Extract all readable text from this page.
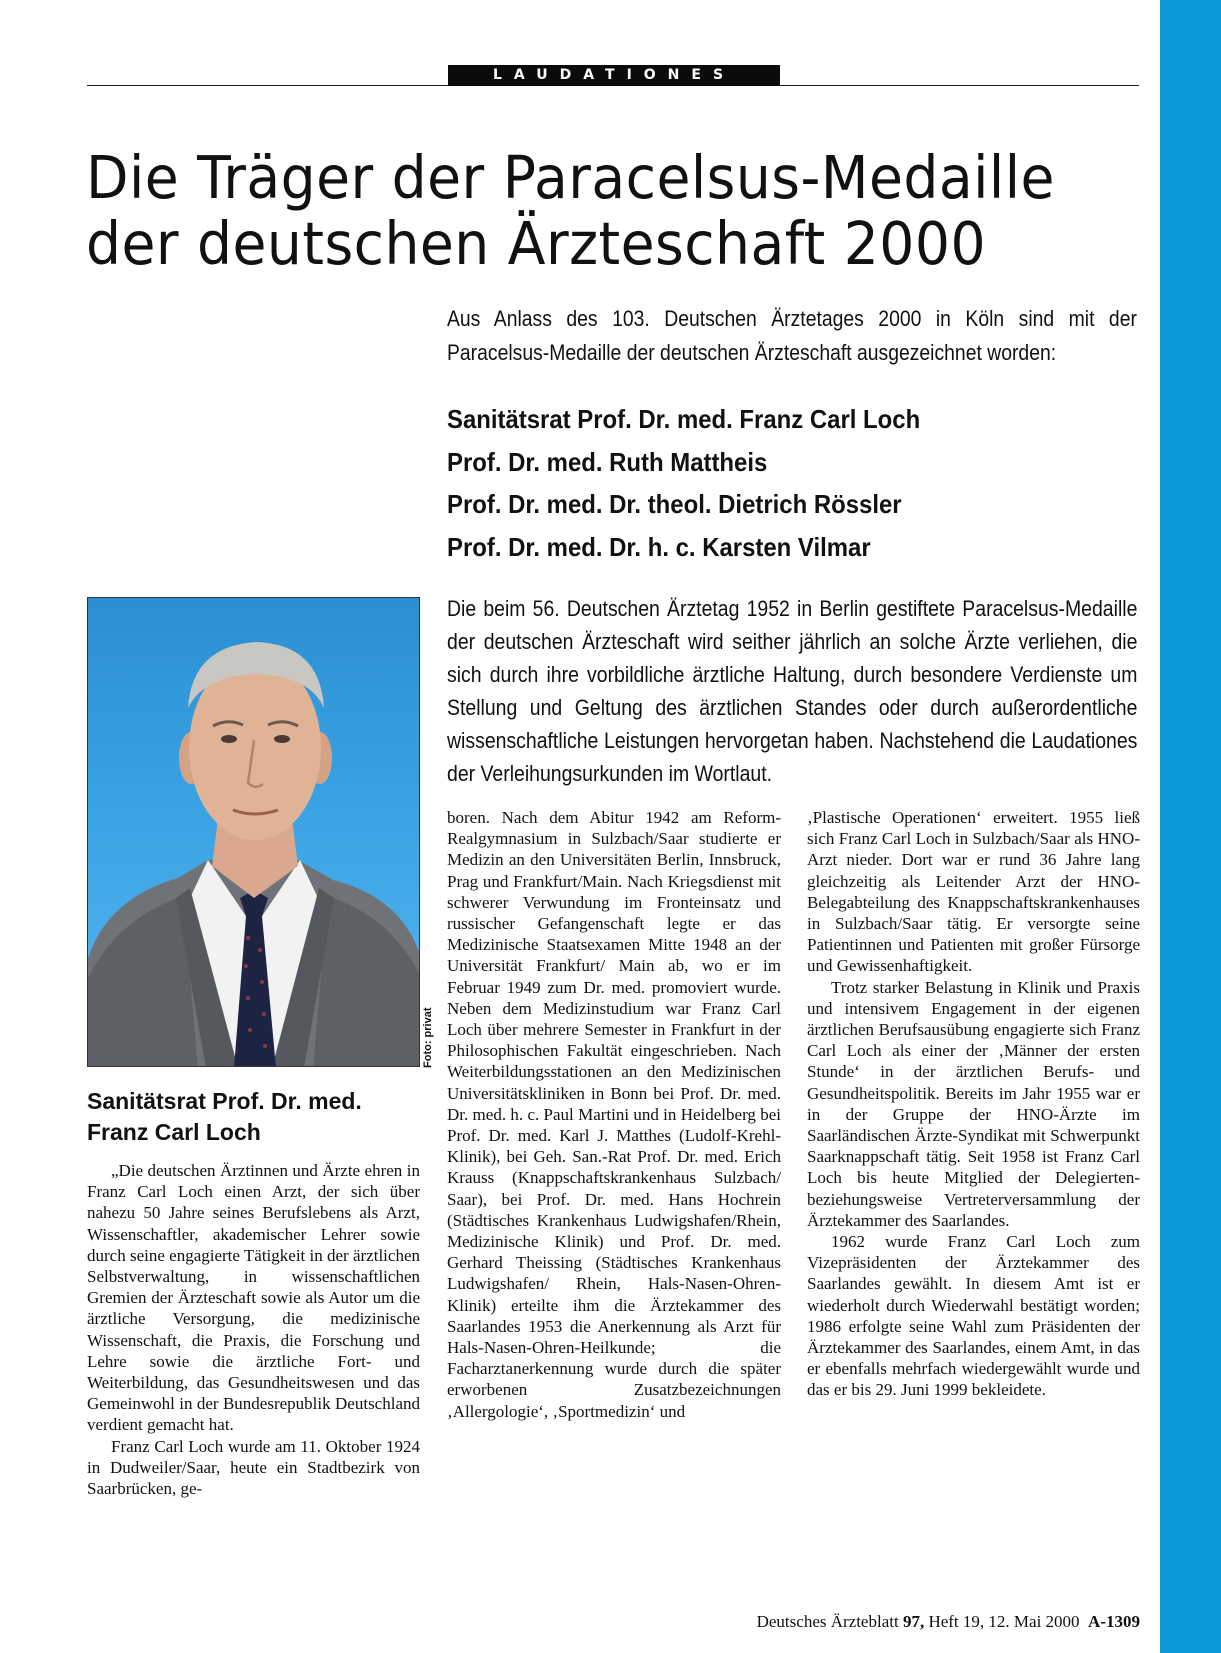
LAUDATIONES
Die Träger der Paracelsus-Medaille
der deutschen Ärzteschaft 2000
Aus Anlass des 103. Deutschen Ärztetages 2000 in Köln sind mit der Paracelsus-Medaille der deutschen Ärzteschaft ausgezeichnet worden:
Sanitätsrat Prof. Dr. med. Franz Carl Loch
Prof. Dr. med. Ruth Mattheis
Prof. Dr. med. Dr. theol. Dietrich Rössler
Prof. Dr. med. Dr. h. c. Karsten Vilmar
Die beim 56. Deutschen Ärztetag 1952 in Berlin gestiftete Paracelsus-Medaille der deutschen Ärzteschaft wird seither jährlich an solche Ärzte verliehen, die sich durch ihre vorbildliche ärztliche Haltung, durch besondere Verdienste um Stellung und Geltung des ärztlichen Standes oder durch außerordentliche wissenschaftliche Leistungen hervorgetan haben. Nachstehend die Laudationes der Verleihungsurkunden im Wortlaut.
Foto: privat
Sanitätsrat Prof. Dr. med.
Franz Carl Loch

„Die deutschen Ärztinnen und Ärzte ehren in Franz Carl Loch einen Arzt, der sich über nahezu 50 Jahre seines Berufslebens als Arzt, Wissenschaftler, akademischer Lehrer sowie durch seine engagierte Tätigkeit in der ärztlichen Selbstverwaltung, in wissenschaftlichen Gremien der Ärzteschaft sowie als Autor um die ärztliche Versorgung, die medizinische Wissenschaft, die Praxis, die Forschung und Lehre sowie die ärztliche Fort- und Weiterbildung, das Gesundheitswesen und das Gemeinwohl in der Bundesrepublik Deutschland verdient gemacht hat.

Franz Carl Loch wurde am 11. Oktober 1924 in Dudweiler/Saar, heute ein Stadtbezirk von Saarbrücken, ge-

boren. Nach dem Abitur 1942 am Reform-Realgymnasium in Sulzbach/Saar studierte er Medizin an den Universitäten Berlin, Innsbruck, Prag und Frankfurt/Main. Nach Kriegsdienst mit schwerer Verwundung im Fronteinsatz und russischer Gefangenschaft legte er das Medizinische Staatsexamen Mitte 1948 an der Universität Frankfurt/ Main ab, wo er im Februar 1949 zum Dr. med. promoviert wurde. Neben dem Medizinstudium war Franz Carl Loch über mehrere Semester in Frankfurt in der Philosophischen Fakultät eingeschrieben. Nach Weiterbildungsstationen an den Medizinischen Universitätskliniken in Bonn bei Prof. Dr. med. Dr. med. h. c. Paul Martini und in Heidelberg bei Prof. Dr. med. Karl J. Matthes (Ludolf-Krehl-Klinik), bei Geh. San.-Rat Prof. Dr. med. Erich Krauss (Knappschaftskrankenhaus Sulzbach/ Saar), bei Prof. Dr. med. Hans Hochrein (Städtisches Krankenhaus Ludwigshafen/Rhein, Medizinische Klinik) und Prof. Dr. med. Gerhard Theissing (Städtisches Krankenhaus Ludwigshafen/ Rhein, Hals-Nasen-Ohren-Klinik) erteilte ihm die Ärztekammer des Saarlandes 1953 die Anerkennung als Arzt für Hals-Nasen-Ohren-Heilkunde; die Facharztanerkennung wurde durch die später erworbenen Zusatzbezeichnungen ‚Allergologie‘, ‚Sportmedizin‘ und

‚Plastische Operationen‘ erweitert. 1955 ließ sich Franz Carl Loch in Sulzbach/Saar als HNO-Arzt nieder. Dort war er rund 36 Jahre lang gleichzeitig als Leitender Arzt der HNO-Belegabteilung des Knappschaftskrankenhauses in Sulzbach/Saar tätig. Er versorgte seine Patientinnen und Patienten mit großer Fürsorge und Gewissenhaftigkeit.

Trotz starker Belastung in Klinik und Praxis und intensivem Engagement in der eigenen ärztlichen Berufsausübung engagierte sich Franz Carl Loch als einer der ‚Männer der ersten Stunde‘ in der ärztlichen Berufs- und Gesundheitspolitik. Bereits im Jahr 1955 war er in der Gruppe der HNO-Ärzte im Saarländischen Ärzte-Syndikat mit Schwerpunkt Saarknappschaft tätig. Seit 1958 ist Franz Carl Loch bis heute Mitglied der Delegierten- beziehungsweise Vertreterversammlung der Ärztekammer des Saarlandes.

1962 wurde Franz Carl Loch zum Vizepräsidenten der Ärztekammer des Saarlandes gewählt. In diesem Amt ist er wiederholt durch Wiederwahl bestätigt worden; 1986 erfolgte seine Wahl zum Präsidenten der Ärztekammer des Saarlandes, einem Amt, in das er ebenfalls mehrfach wiedergewählt wurde und das er bis 29. Juni 1999 bekleidete.

Deutsches Ärzteblatt 97, Heft 19, 12. Mai 2000 A-1309
